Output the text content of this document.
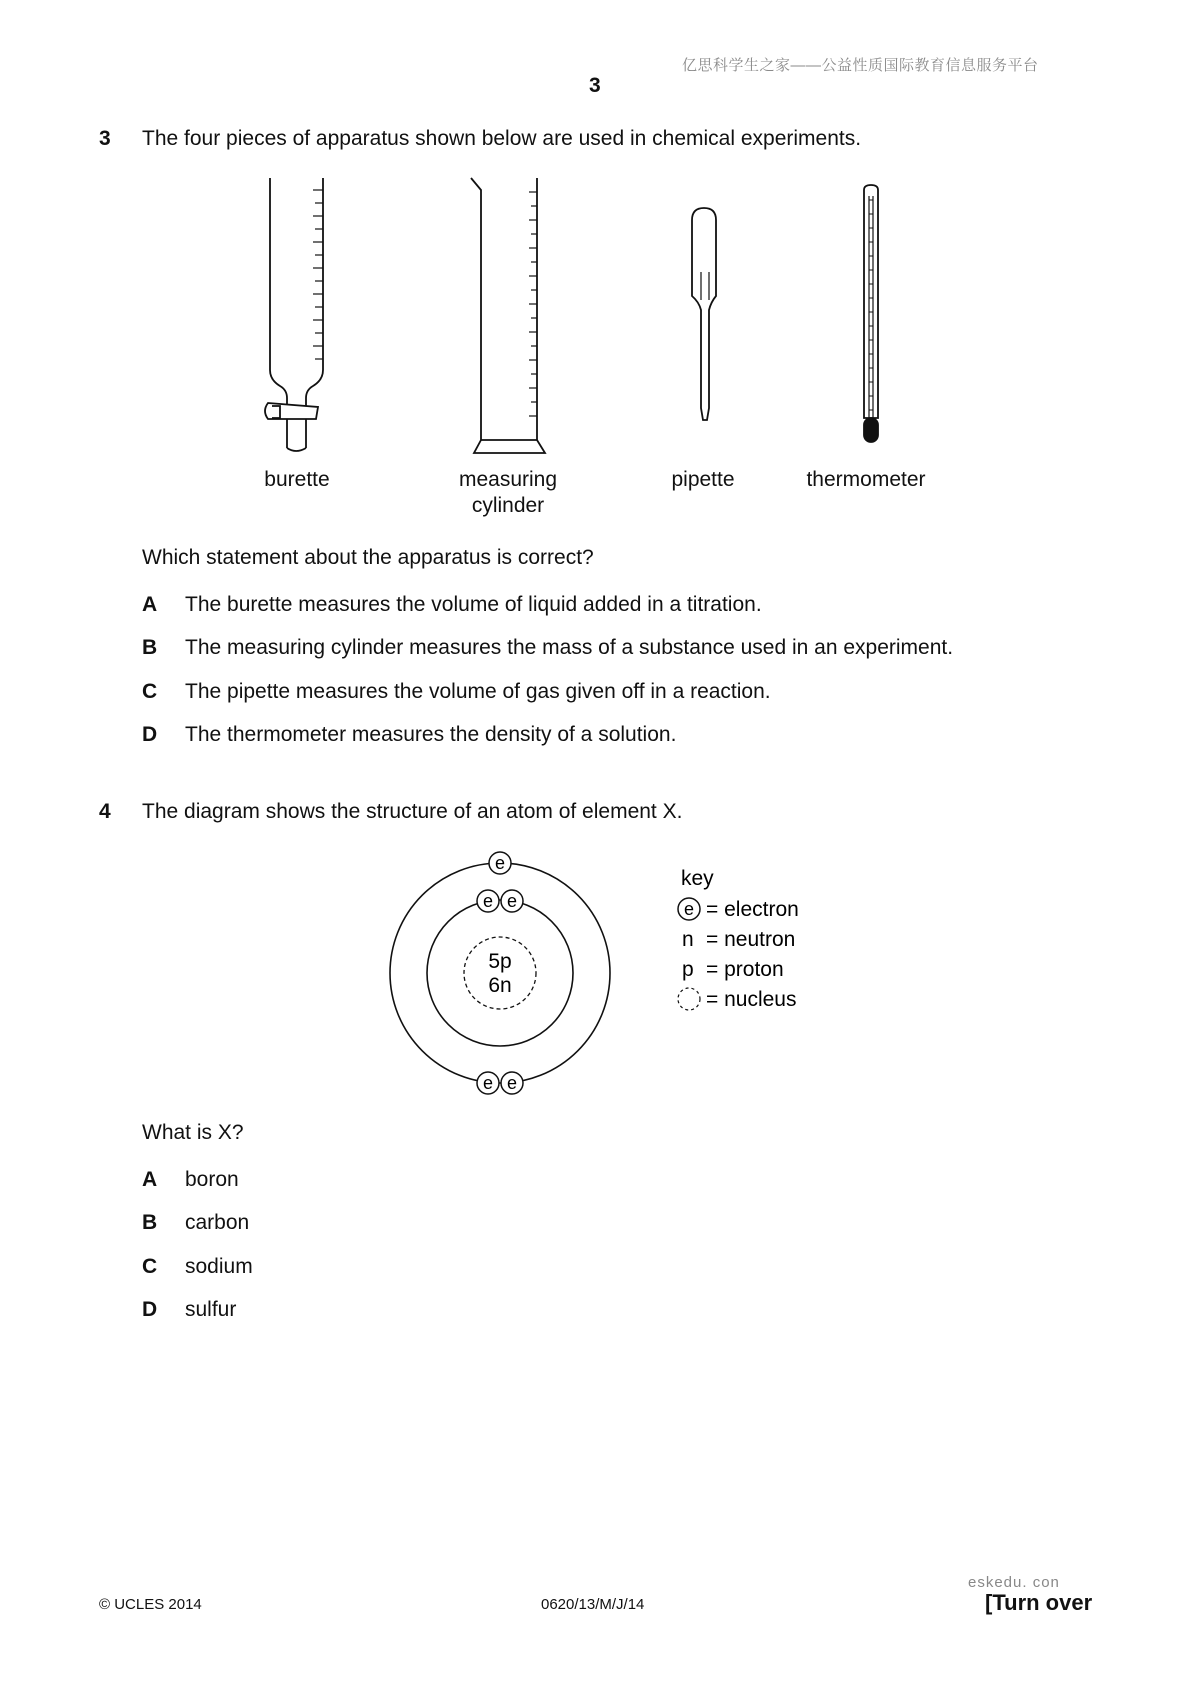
亿思科学生之家——公益性质国际教育信息服务平台
3
3 The four pieces of apparatus shown below are used in chemical experiments.
burette	measuring
cylinder
pipette	thermometer
Which statement about the apparatus is correct?
A The burette measures the volume of liquid added in a titration.
B The measuring cylinder measures the mass of a substance used in an experiment.
C The pipette measures the volume of gas given off in a reaction.
D The thermometer measures the density of a solution.
4 The diagram shows the structure of an atom of element X.
5p
6n
e
e e
e e
key
e = electron
n = neutron
p = proton
= nucleus
What is X?
A boron
B carbon
C sodium
D sulfur
eskedu. con
© UCLES 2014	0620/13/M/J/14	[Turn over
